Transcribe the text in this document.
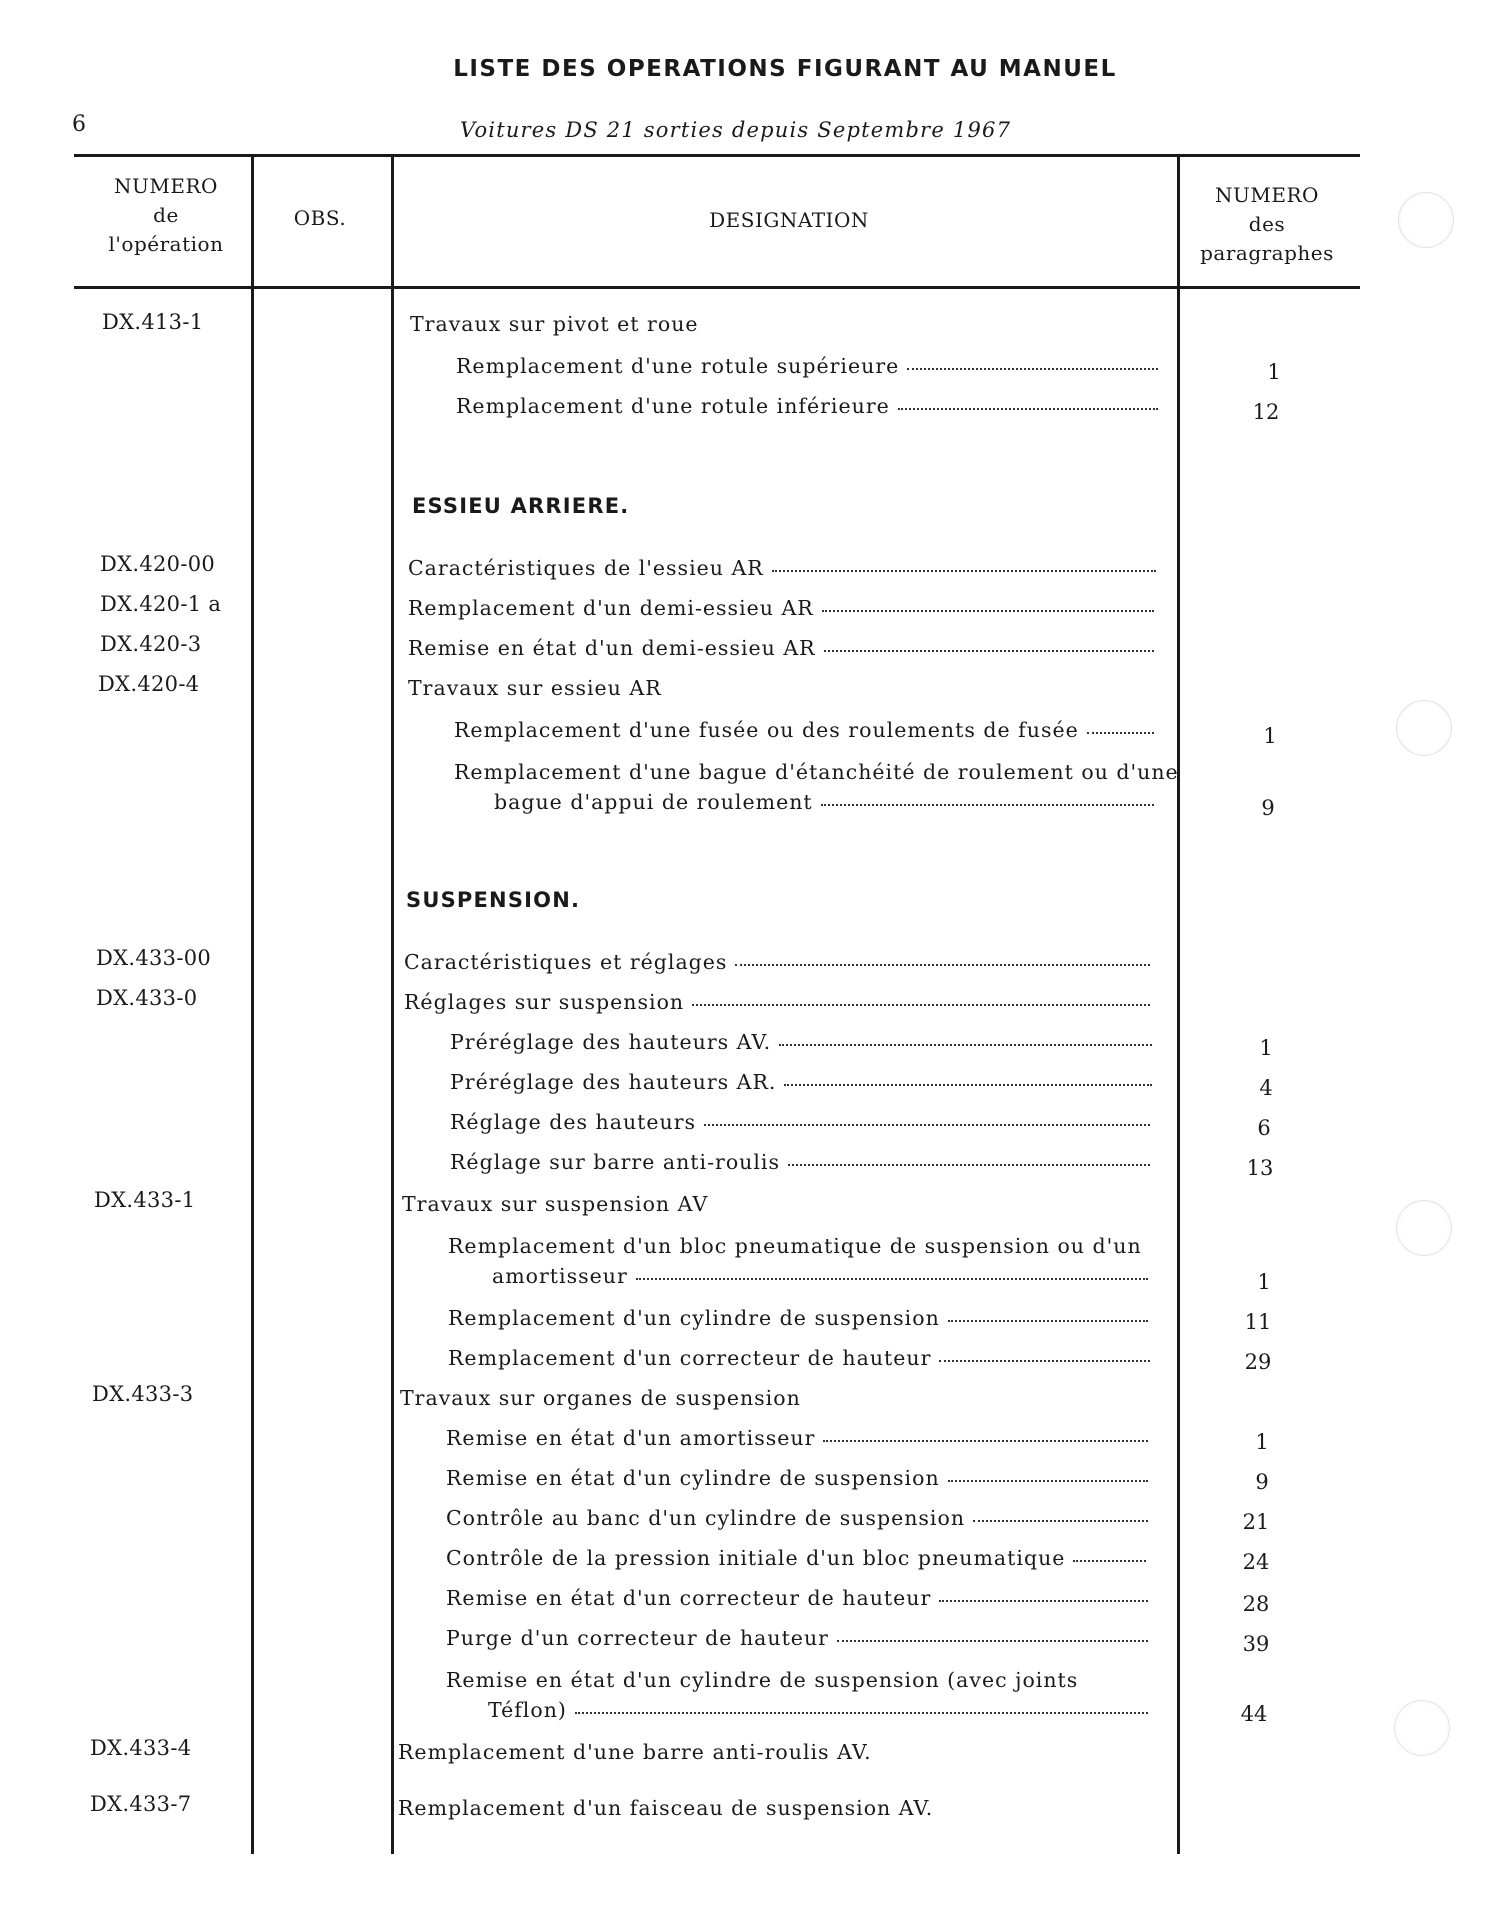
LISTE DES OPERATIONS FIGURANT AU MANUEL
6	Voitures DS 21 sorties depuis Septembre 1967
NUMERO
de
l'opération
OBS.	DESIGNATION
NUMERO
des
paragraphes
DX.413-1	Travaux sur pivot et roue
Remplacement d'une rotule supérieure	1
Remplacement d'une rotule inférieure	12
ESSIEU ARRIERE.
DX.420-00	Caractéristiques de l'essieu AR
DX.420-1 a	Remplacement d'un demi-essieu AR
DX.420-3	Remise en état d'un demi-essieu AR
DX.420-4	Travaux sur essieu AR
Remplacement d'une fusée ou des roulements de fusée	1
Remplacement d'une bague d'étanchéité de roulement ou d'une
bague d'appui de roulement	9
SUSPENSION.
DX.433-00	Caractéristiques et réglages
DX.433-0	Réglages sur suspension
Préréglage des hauteurs AV.	1
Préréglage des hauteurs AR.	4
Réglage des hauteurs	6
Réglage sur barre anti-roulis	13
DX.433-1	Travaux sur suspension AV
Remplacement d'un bloc pneumatique de suspension ou d'un
amortisseur	1
Remplacement d'un cylindre de suspension	11
Remplacement d'un correcteur de hauteur	29
DX.433-3	Travaux sur organes de suspension
Remise en état d'un amortisseur	1
Remise en état d'un cylindre de suspension	9
Contrôle au banc d'un cylindre de suspension	21
Contrôle de la pression initiale d'un bloc pneumatique	24
Remise en état d'un correcteur de hauteur	28
Purge d'un correcteur de hauteur	39
Remise en état d'un cylindre de suspension (avec joints
Téflon)	44
DX.433-4	Remplacement d'une barre anti-roulis AV.
DX.433-7	Remplacement d'un faisceau de suspension AV.
